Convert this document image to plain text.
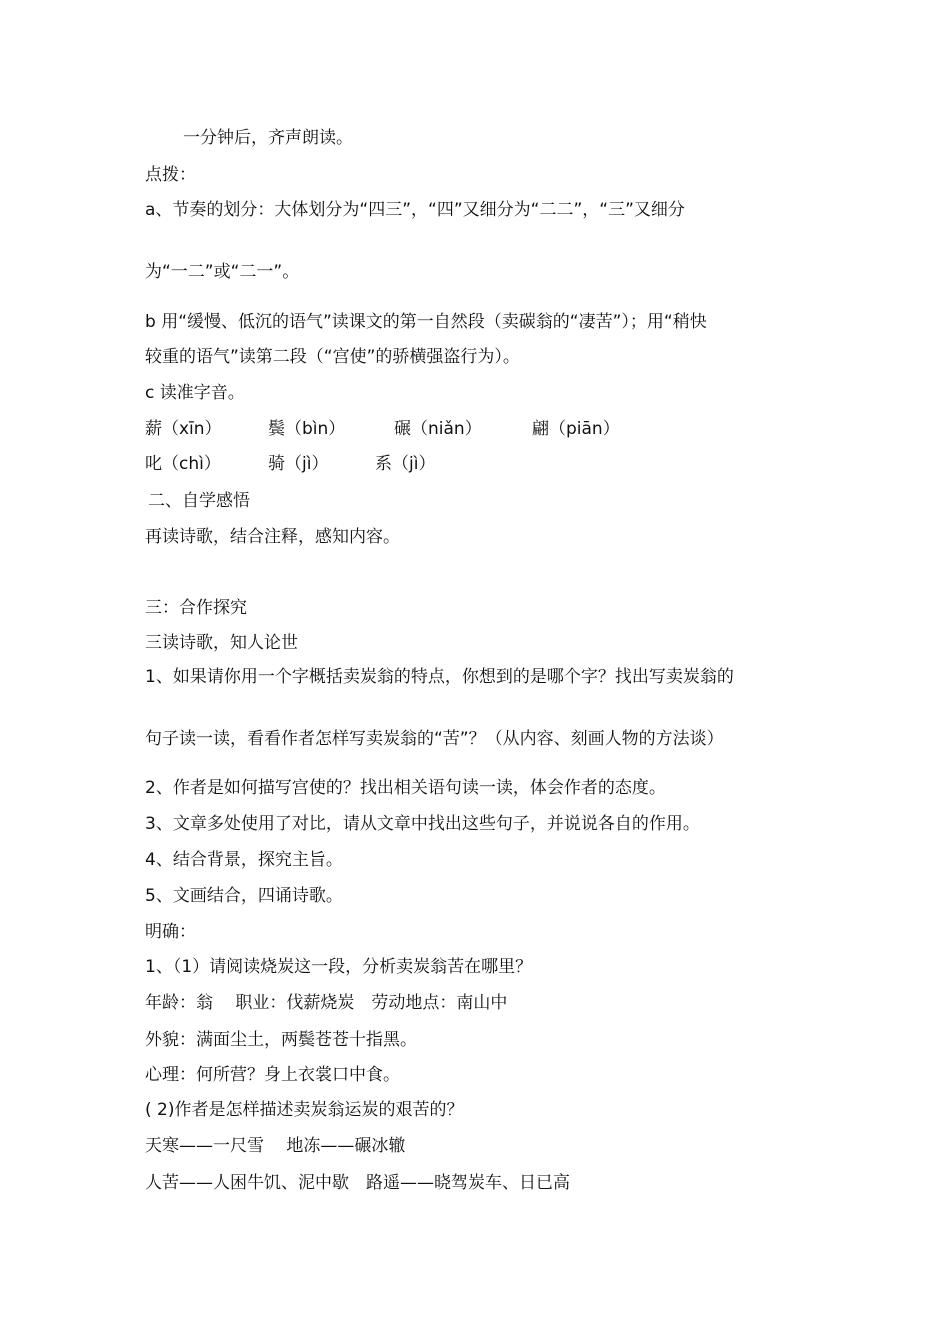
一分钟后，齐声朗读。

点拨：

a、节奏的划分：大体划分为“四三”，“四”又细分为“二二”，“三”又细分

为“一二”或“二一”。

b 用“缓慢、低沉的语气”读课文的第一自然段（卖碳翁的“凄苦”）；用“稍快

较重的语气”读第二段（“宫使”的骄横强盗行为）。

c 读准字音。

薪（xīn）	鬓（bìn）	碾（niǎn）	翩（piān）
叱（chì）	骑（jì）	系（jì）

二、自学感悟

再读诗歌，结合注释，感知内容。

三：合作探究

三读诗歌，知人论世

1、如果请你用一个字概括卖炭翁的特点，你想到的是哪个字？找出写卖炭翁的

句子读一读，看看作者怎样写卖炭翁的“苦”？（从内容、刻画人物的方法谈）

2、作者是如何描写宫使的？找出相关语句读一读，体会作者的态度。

3、文章多处使用了对比，请从文章中找出这些句子，并说说各自的作用。

4、结合背景，探究主旨。

5、文画结合，四诵诗歌。

明确：

1、（1）请阅读烧炭这一段，分析卖炭翁苦在哪里？

年龄：翁　 职业：伐薪烧炭　劳动地点：南山中

外貌：满面尘土，两鬓苍苍十指黑。

心理：何所营？身上衣裳口中食。

( 2)作者是怎样描述卖炭翁运炭的艰苦的？

天寒——一尺雪　 地冻——碾冰辙

人苦——人困牛饥、泥中歇　路遥——晓驾炭车、日已高
